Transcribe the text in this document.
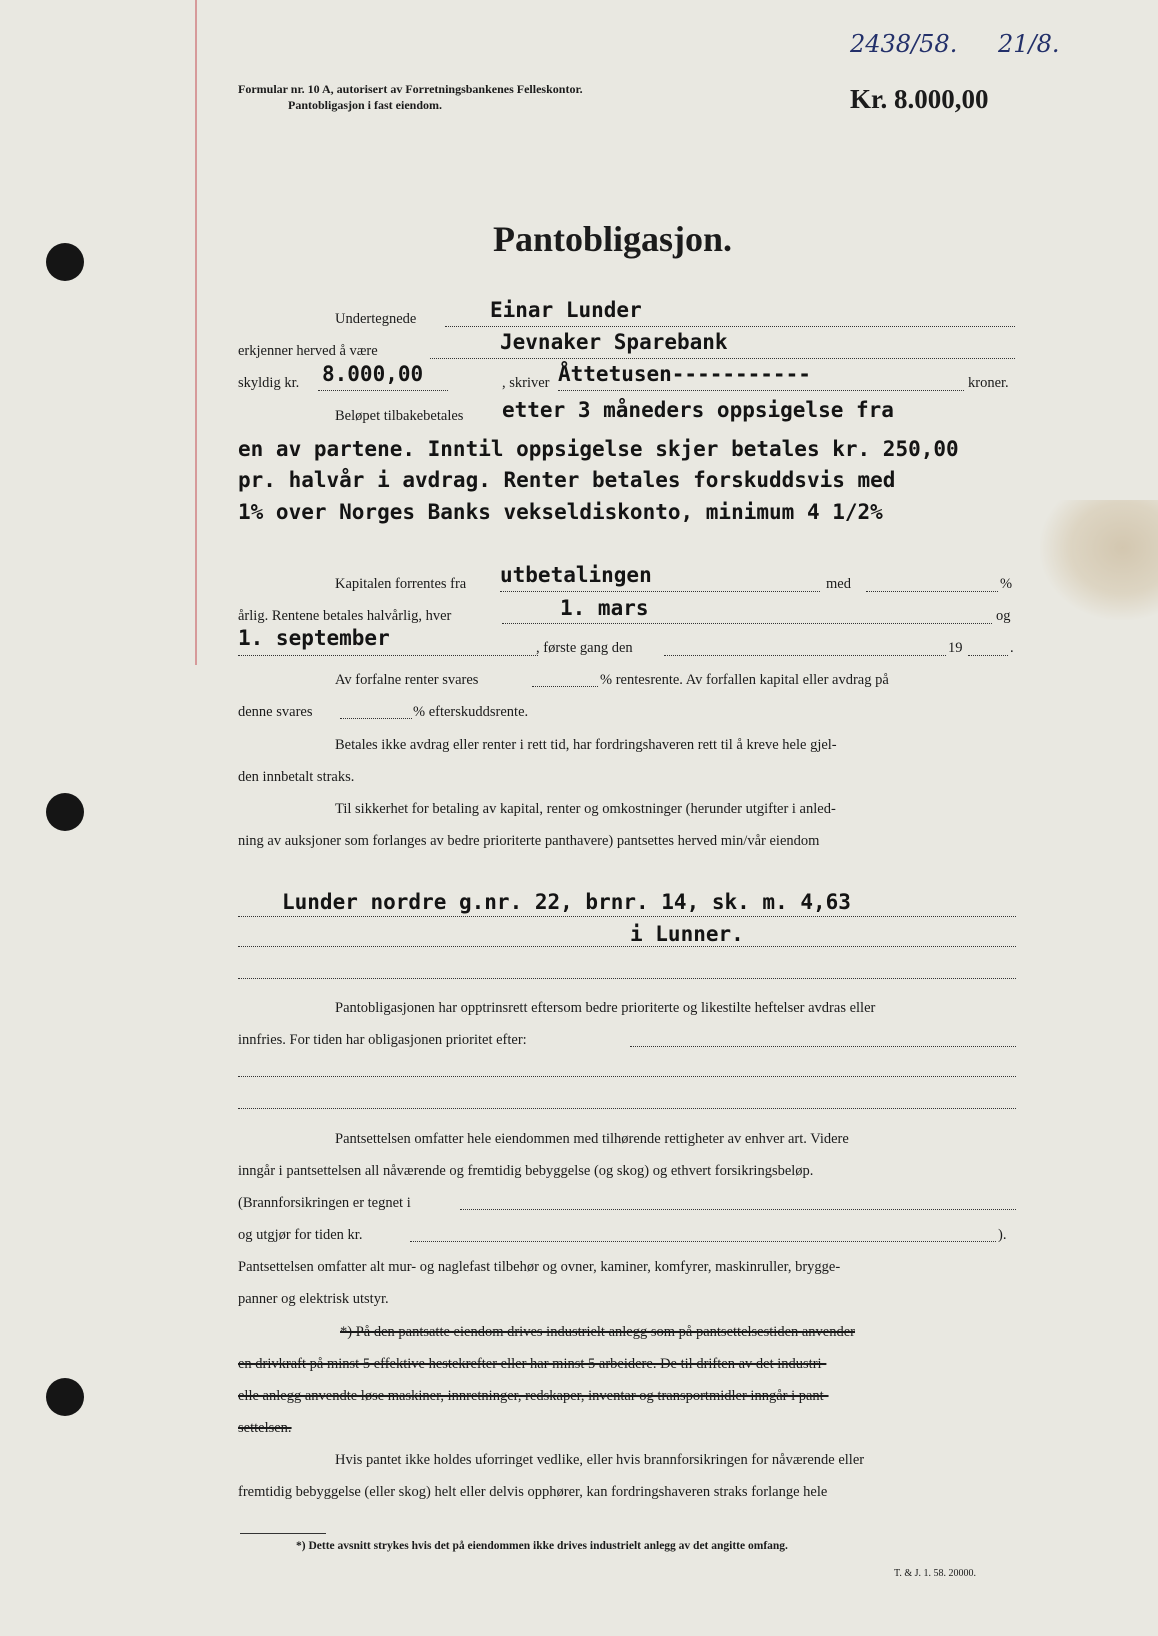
Formular nr. 10 A, autorisert av Forretningsbankenes Felleskontor.
Pantobligasjon i fast eiendom.	Kr. 8.000,00
2438/58. 21/8.
Pantobligasjon.
Undertegnede	Einar Lunder
erkjenner herved å være	Jevnaker Sparebank
skyldig kr. 8.000,00	, skriver Åttetusen-----------	kroner.
Beløpet tilbakebetales etter 3 måneders oppsigelse fra
en av partene. Inntil oppsigelse skjer betales kr. 250,00
pr. halvår i avdrag. Renter betales forskuddsvis med
1% over Norges Banks vekseldiskonto, minimum 4 1/2%
Kapitalen forrentes fra utbetalingen	med	%
årlig. Rentene betales halvårlig, hver	1. mars	og
1. september	, første gang den	19	.
Av forfalne renter svares	% rentesrente. Av forfallen kapital eller avdrag på
denne svares	% efterskuddsrente.
Betales ikke avdrag eller renter i rett tid, har fordringshaveren rett til å kreve hele gjel-
den innbetalt straks.
Til sikkerhet for betaling av kapital, renter og omkostninger (herunder utgifter i anled-
ning av auksjoner som forlanges av bedre prioriterte panthavere) pantsettes herved min/vår eiendom
Lunder nordre g.nr. 22, brnr. 14, sk. m. 4,63
i Lunner.
Pantobligasjonen har opptrinsrett eftersom bedre prioriterte og likestilte heftelser avdras eller
innfries. For tiden har obligasjonen prioritet efter:
Pantsettelsen omfatter hele eiendommen med tilhørende rettigheter av enhver art. Videre
inngår i pantsettelsen all nåværende og fremtidig bebyggelse (og skog) og ethvert forsikringsbeløp.
(Brannforsikringen er tegnet i
og utgjør for tiden kr.	).
Pantsettelsen omfatter alt mur- og naglefast tilbehør og ovner, kaminer, komfyrer, maskinruller, brygge-
panner og elektrisk utstyr.
*) På den pantsatte eiendom drives industrielt anlegg som på pantsettelsestiden anvender
en drivkraft på minst 5 effektive hestekrefter eller har minst 5 arbeidere. De til driften av det industri-
elle anlegg anvendte løse maskiner, innretninger, redskaper, inventar og transportmidler inngår i pant-
settelsen.
Hvis pantet ikke holdes uforringet vedlike, eller hvis brannforsikringen for nåværende eller
fremtidig bebyggelse (eller skog) helt eller delvis opphører, kan fordringshaveren straks forlange hele
*) Dette avsnitt strykes hvis det på eiendommen ikke drives industrielt anlegg av det angitte omfang.
T. & J. 1. 58. 20000.
